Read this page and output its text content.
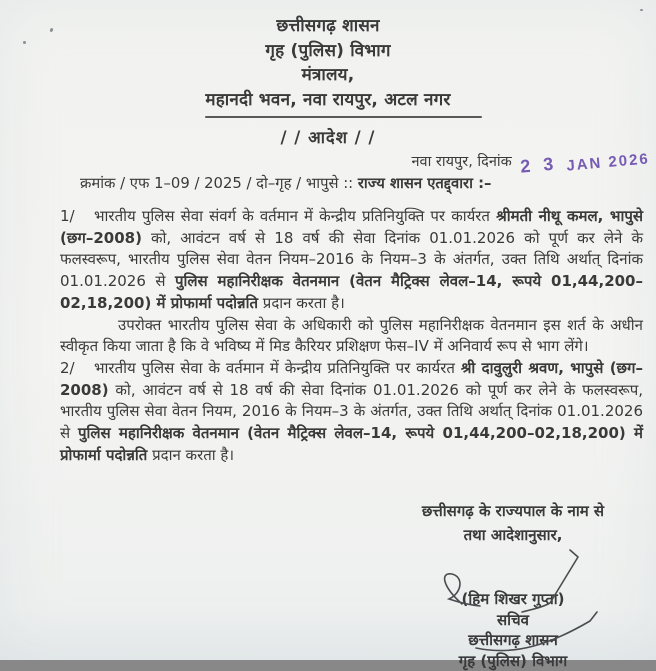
छत्तीसगढ़ शासन
गृह (पुलिस) विभाग
मंत्रालय,
महानदी भवन, नवा रायपुर, अटल नगर
/ / आदेश / /
नवा रायपुर, दिनांक 2 3 JAN 2026
क्रमांक / एफ 1–09 / 2025 / दो–गृह / भापुसे :: राज्य शासन एतद्द्वारा :–

1/ भारतीय पुलिस सेवा संवर्ग के वर्तमान में केन्द्रीय प्रतिनियुक्ति पर कार्यरत श्रीमती नीथू कमल, भापुसे (छग–2008) को, आवंटन वर्ष से 18 वर्ष की सेवा दिनांक 01.01.2026 को पूर्ण कर लेने के फलस्वरूप, भारतीय पुलिस सेवा वेतन नियम–2016 के नियम–3 के अंतर्गत, उक्त तिथि अर्थात् दिनांक 01.01.2026 से पुलिस महानिरीक्षक वेतनमान (वेतन मैट्रिक्स लेवल–14, रूपये 01,44,200–02,18,200) में प्रोफार्मा पदोन्नति प्रदान करता है।

उपरोक्त भारतीय पुलिस सेवा के अधिकारी को पुलिस महानिरीक्षक वेतनमान इस शर्त के अधीन स्वीकृत किया जाता है कि वे भविष्य में मिड कैरियर प्रशिक्षण फेस–IV में अनिवार्य रूप से भाग लेंगे।

2/ भारतीय पुलिस सेवा के वर्तमान में केन्द्रीय प्रतिनियुक्ति पर कार्यरत श्री दावुलुरी श्रवण, भापुसे (छग–2008) को, आवंटन वर्ष से 18 वर्ष की सेवा दिनांक 01.01.2026 को पूर्ण कर लेने के फलस्वरूप, भारतीय पुलिस सेवा वेतन नियम, 2016 के नियम–3 के अंतर्गत, उक्त तिथि अर्थात् दिनांक 01.01.2026 से पुलिस महानिरीक्षक वेतनमान (वेतन मैट्रिक्स लेवल–14, रूपये 01,44,200–02,18,200) में प्रोफार्मा पदोन्नति प्रदान करता है।

छत्तीसगढ़ के राज्यपाल के नाम से
तथा आदेशानुसार,
(हिम शिखर गुप्ता)
सचिव
छत्तीसगढ़ शासन
गृह (पुलिस) विभाग
